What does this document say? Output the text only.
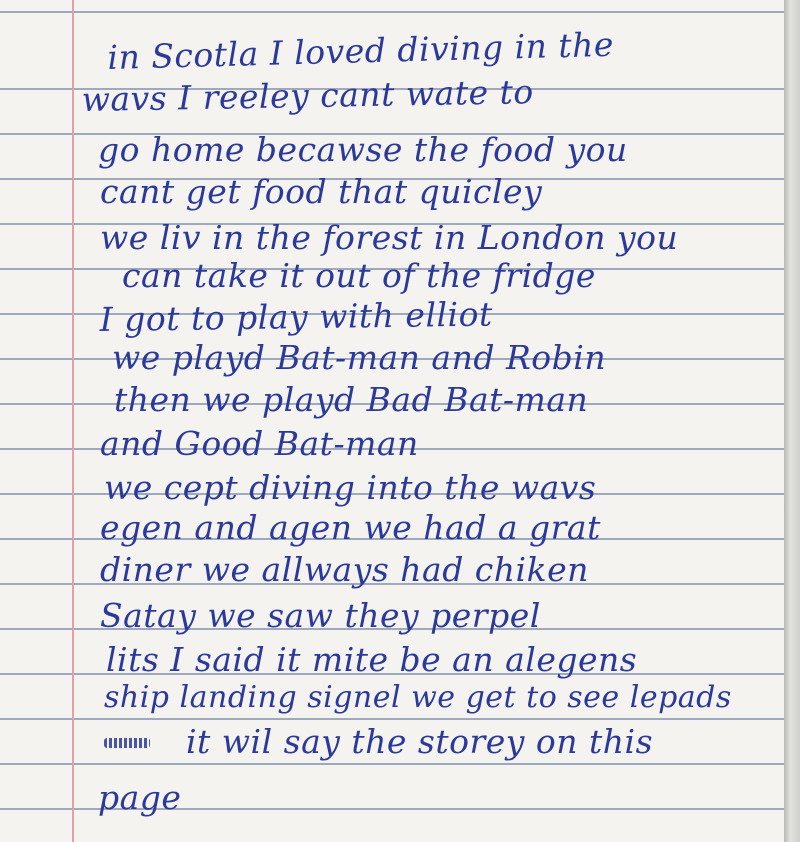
in Scotla I loved diving in the
wavs I reeley cant wate to
go home becawse the food you
cant get food that quicley
we liv in the forest in London you
can take it out of the fridge
I got to play with elliot
we playd Bat-man and Robin
then we playd Bad Bat-man
and Good Bat-man
we cept diving into the wavs
egen and agen we had a grat
diner we allways had chiken
Satay we saw they perpel
lits I said it mite be an alegens
ship landing signel we get to see lepads
it wil say the storey on this
page
